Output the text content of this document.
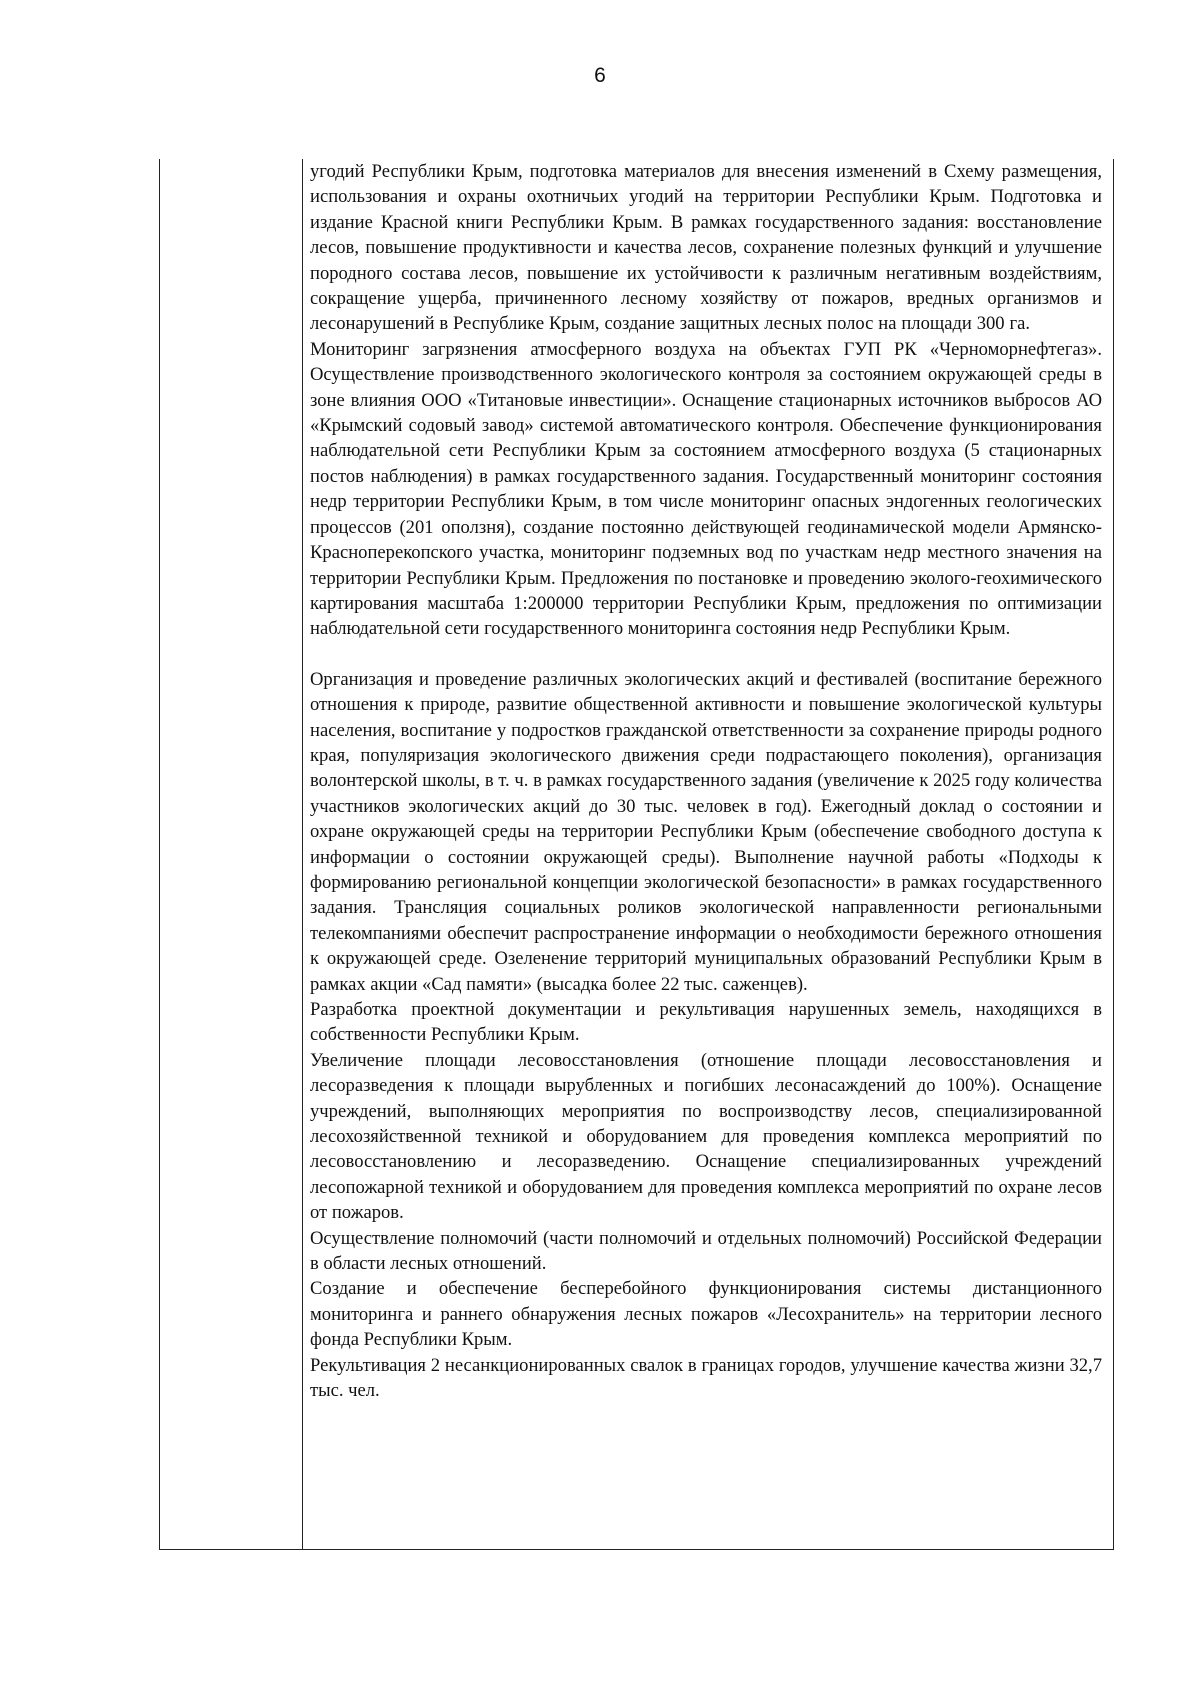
6

угодий Республики Крым, подготовка материалов для внесения изменений в Схему размещения, использования и охраны охотничьих угодий на территории Республики Крым. Подготовка и издание Красной книги Республики Крым. В рамках государственного задания: восстановление лесов, повышение продуктивности и качества лесов, сохранение полезных функций и улучшение породного состава лесов, повышение их устойчивости к различным негативным воздействиям, сокращение ущерба, причиненного лесному хозяйству от пожаров, вредных организмов и лесонарушений в Республике Крым, создание защитных лесных полос на площади 300 га.Мониторинг загрязнения атмосферного воздуха на объектах ГУП РК «Черноморнефтегаз». Осуществление производственного экологического контроля за состоянием окружающей среды в зоне влияния ООО «Титановые инвестиции». Оснащение стационарных источников выбросов АО «Крымский содовый завод» системой автоматического контроля. Обеспечение функционирования наблюдательной сети Республики Крым за состоянием атмосферного воздуха (5 стационарных постов наблюдения) в рамках государственного задания. Государственный мониторинг состояния недр территории Республики Крым, в том числе мониторинг опасных эндогенных геологических процессов (201 оползня), создание постоянно действующей геодинамической модели Армянско-Красноперекопского участка, мониторинг подземных вод по участкам недр местного значения на территории Республики Крым. Предложения по постановке и проведению эколого-геохимического картирования масштаба 1:200000 территории Республики Крым, предложения по оптимизации наблюдательной сети государственного мониторинга состояния недр Республики Крым.

Организация и проведение различных экологических акций и фестивалей (воспитание бережного отношения к природе, развитие общественной активности и повышение экологической культуры населения, воспитание у подростков гражданской ответственности за сохранение природы родного края, популяризация экологического движения среди подрастающего поколения), организация волонтерской школы, в т. ч. в рамках государственного задания (увеличение к 2025 году количества участников экологических акций до 30 тыс. человек в год). Ежегодный доклад о состоянии и охране окружающей среды на территории Республики Крым (обеспечение свободного доступа к информации о состоянии окружающей среды). Выполнение научной работы «Подходы к формированию региональной концепции экологической безопасности» в рамках государственного задания. Трансляция социальных роликов экологической направленности региональными телекомпаниями обеспечит распространение информации о необходимости бережного отношения к окружающей среде. Озеленение территорий муниципальных образований Республики Крым в рамках акции «Сад памяти» (высадка более 22 тыс. саженцев).

Разработка проектной документации и рекультивация нарушенных земель, находящихся в собственности Республики Крым.

Увеличение площади лесовосстановления (отношение площади лесовосстановления и лесоразведения к площади вырубленных и погибших лесонасаждений до 100%). Оснащение учреждений, выполняющих мероприятия по воспроизводству лесов, специализированной лесохозяйственной техникой и оборудованием для проведения комплекса мероприятий по лесовосстановлению и лесоразведению. Оснащение специализированных учреждений лесопожарной техникой и оборудованием для проведения комплекса мероприятий по охране лесов от пожаров.

Осуществление полномочий (части полномочий и отдельных полномочий) Российской Федерации в области лесных отношений.

Создание и обеспечение бесперебойного функционирования системы дистанционного мониторинга и раннего обнаружения лесных пожаров «Лесохранитель» на территории лесного фонда Республики Крым.

Рекультивация 2 несанкционированных свалок в границах городов, улучшение качества жизни 32,7 тыс. чел.
